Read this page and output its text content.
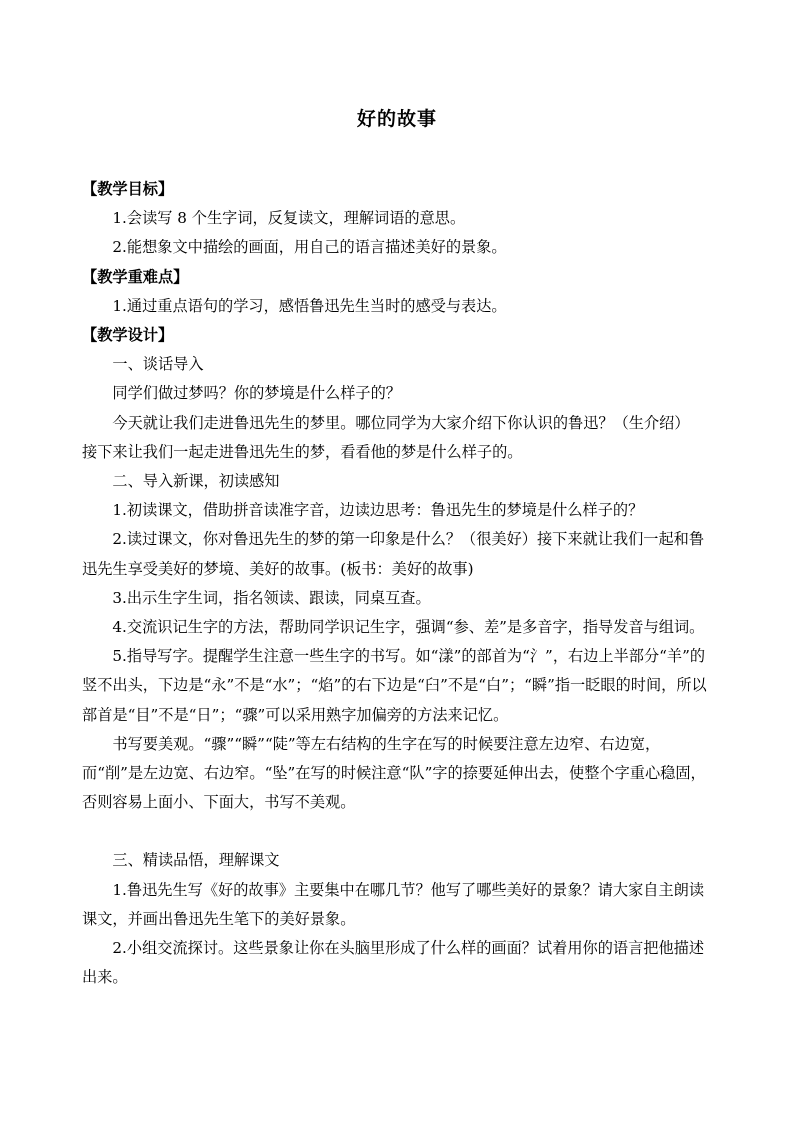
好的故事

【教学目标】

1.会读写 8 个生字词，反复读文，理解词语的意思。

2.能想象文中描绘的画面，用自己的语言描述美好的景象。

【教学重难点】

1.通过重点语句的学习，感悟鲁迅先生当时的感受与表达。

【教学设计】

一、谈话导入

同学们做过梦吗？你的梦境是什么样子的？

今天就让我们走进鲁迅先生的梦里。哪位同学为大家介绍下你认识的鲁迅？（生介绍）

接下来让我们一起走进鲁迅先生的梦，看看他的梦是什么样子的。

二、导入新课，初读感知

1.初读课文，借助拼音读准字音，边读边思考：鲁迅先生的梦境是什么样子的？

2.读过课文，你对鲁迅先生的梦的第一印象是什么？（很美好）接下来就让我们一起和鲁迅先生享受美好的梦境、美好的故事。(板书：美好的故事)

3.出示生字生词，指名领读、跟读，同桌互查。

4.交流识记生字的方法，帮助同学识记生字，强调“参、差”是多音字，指导发音与组词。

5.指导写字。提醒学生注意一些生字的书写。如“漾”的部首为“氵”，右边上半部分“羊”的竖不出头，下边是“永”不是“水”；“焰”的右下边是“臼”不是“白”；“瞬”指一眨眼的时间，所以部首是“目”不是“日”；“骤”可以采用熟字加偏旁的方法来记忆。

书写要美观。“骤”“瞬”“陡”等左右结构的生字在写的时候要注意左边窄、右边宽，而“削”是左边宽、右边窄。“坠”在写的时候注意“队”字的捺要延伸出去，使整个字重心稳固，否则容易上面小、下面大，书写不美观。

三、精读品悟，理解课文

1.鲁迅先生写《好的故事》主要集中在哪几节？他写了哪些美好的景象？请大家自主朗读课文，并画出鲁迅先生笔下的美好景象。

2.小组交流探讨。这些景象让你在头脑里形成了什么样的画面？试着用你的语言把他描述出来。
